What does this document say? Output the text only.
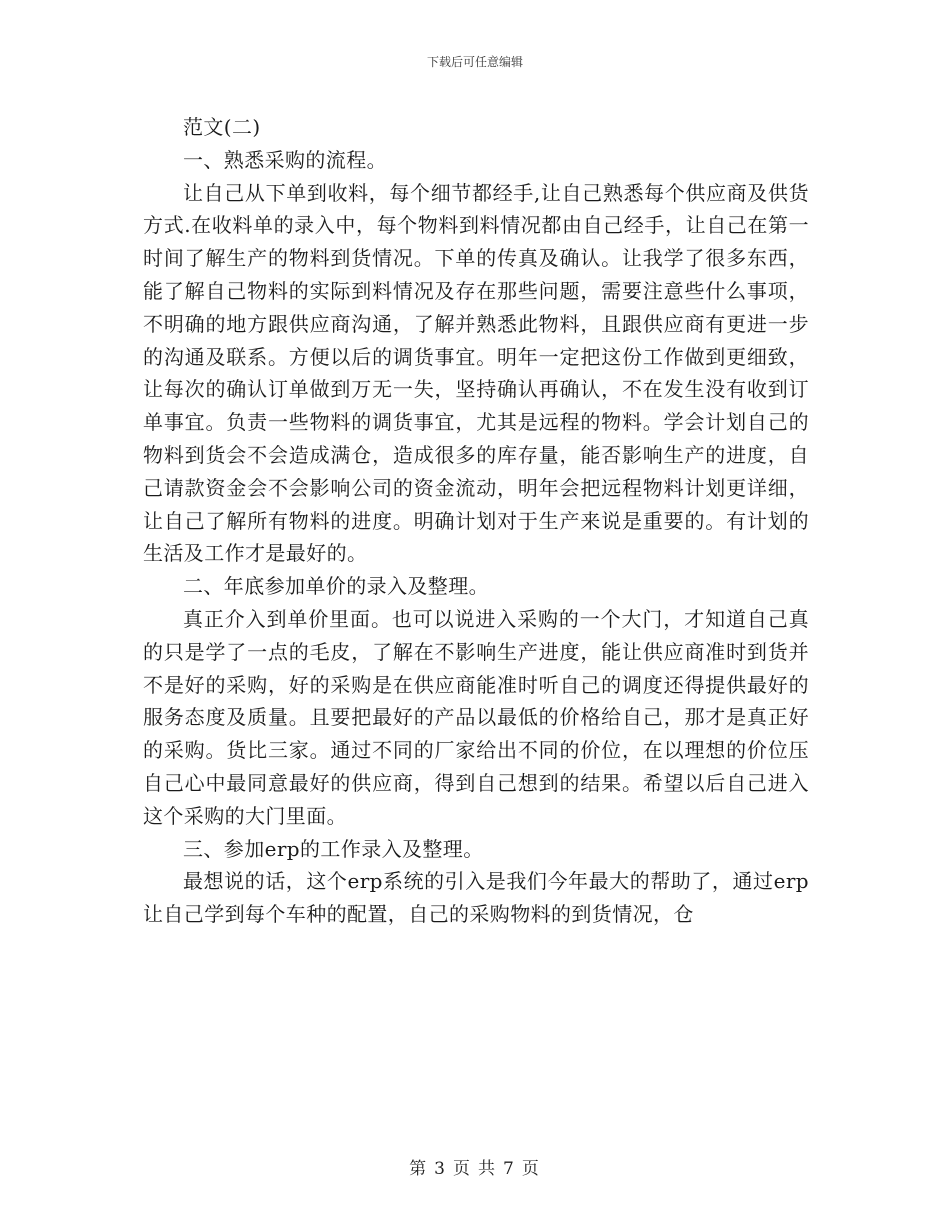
下载后可任意编辑

范文(二)

一、熟悉采购的流程。

让自己从下单到收料，每个细节都经手,让自己熟悉每个供应商及供货方式.在收料单的录入中，每个物料到料情况都由自己经手，让自己在第一时间了解生产的物料到货情况。下单的传真及确认。让我学了很多东西，能了解自己物料的实际到料情况及存在那些问题，需要注意些什么事项，不明确的地方跟供应商沟通，了解并熟悉此物料，且跟供应商有更进一步的沟通及联系。方便以后的调货事宜。明年一定把这份工作做到更细致，让每次的确认订单做到万无一失，坚持确认再确认，不在发生没有收到订单事宜。负责一些物料的调货事宜，尤其是远程的物料。学会计划自己的物料到货会不会造成满仓，造成很多的库存量，能否影响生产的进度，自己请款资金会不会影响公司的资金流动，明年会把远程物料计划更详细，让自己了解所有物料的进度。明确计划对于生产来说是重要的。有计划的生活及工作才是最好的。

二、年底参加单价的录入及整理。

真正介入到单价里面。也可以说进入采购的一个大门，才知道自己真的只是学了一点的毛皮，了解在不影响生产进度，能让供应商准时到货并不是好的采购，好的采购是在供应商能准时听自己的调度还得提供最好的服务态度及质量。且要把最好的产品以最低的价格给自己，那才是真正好的采购。货比三家。通过不同的厂家给出不同的价位，在以理想的价位压自己心中最同意最好的供应商，得到自己想到的结果。希望以后自己进入这个采购的大门里面。

三、参加erp的工作录入及整理。

最想说的话，这个erp系统的引入是我们今年最大的帮助了，通过erp让自己学到每个车种的配置，自己的采购物料的到货情况，仓

第 3 页 共 7 页
